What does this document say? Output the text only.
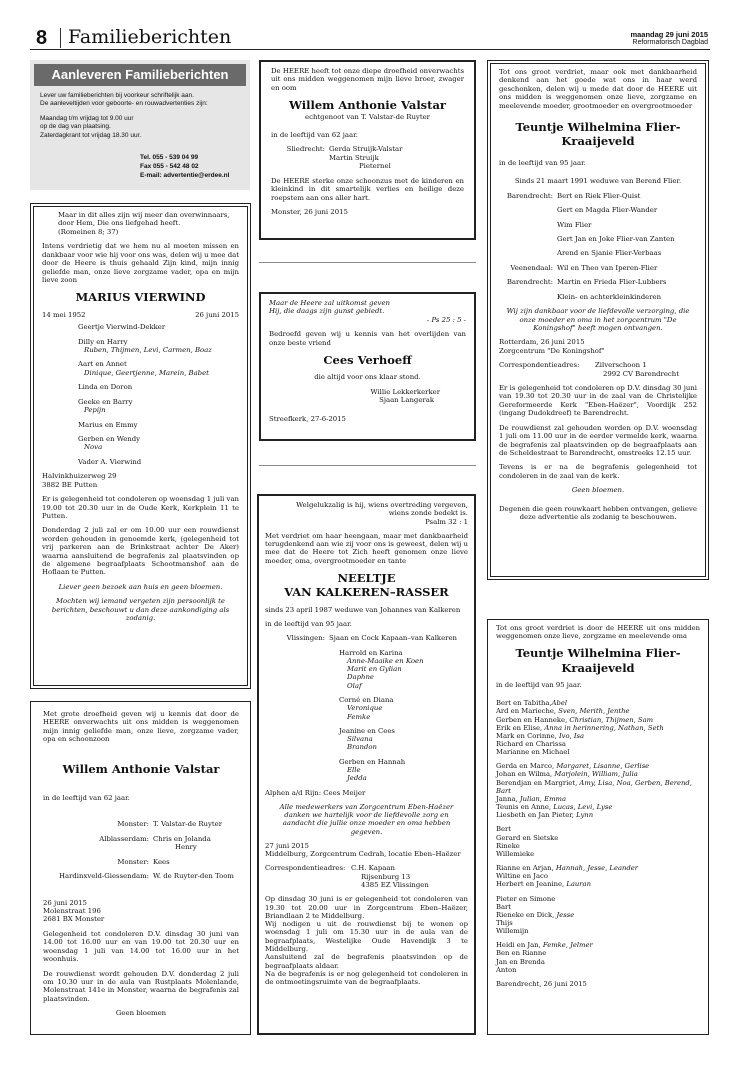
8 Familieberichten	maandag 29 juni 2015
Reformatorisch Dagblad
Aanleveren Familieberichten

Lever uw familieberichten bij voorkeur schriftelijk aan.

De aanleveltijden voor geboorte- en rouwadvertenties zijn:

Maandag t/m vrijdag tot 9.00 uur

op de dag van plaatsing.

Zaterdagkrant tot vrijdag 18.30 uur.

Tel. 055 - 539 04 99

Fax 055 - 542 48 02

E-mail: advertentie@erdee.nl

Maar in dit alles zijn wij meer dan overwinnaars,

door Hem, Die ons liefgehad heeft.

(Romeinen 8; 37)

Intens verdrietig dat we hem nu al moeten missen en dankbaar voor wie hij voor ons was, delen wij u mee dat door de Heere is thuis gehaald Zijn kind, mijn innig geliefde man, onze lieve zorgzame vader, opa en mijn lieve zoon

MARIUS VIERWIND

14 mei 1952	26 juni 2015

Geertje Vierwind-Dekker

Dilly en Harry

Ruben, Thijmen, Levi, Carmen, Boaz

Aart en Annet

Dinique, Geertjenne, Marein, Babet

Linda en Doron

Geeke en Barry

Pepijn

Marius en Emmy

Gerben en Wendy

Nova

Vader A. Vierwind

Halvinkhuizerweg 29

3882 BE Putten

Er is gelegenheid tot condoleren op woensdag 1 juli van 19.00 tot 20.30 uur in de Oude Kerk, Kerkplein 11 te Putten.

Donderdag 2 juli zal er om 10.00 uur een rouwdienst worden gehouden in genoemde kerk, (gelegenheid tot vrij parkeren aan de Brinkstraat achter De Aker) waarna aansluitend de begrafenis zal plaatsvinden op de algemene begraafplaats Schootmanshof aan de Hoflaan te Putten.

Liever geen bezoek aan huis en geen bloemen.

Mochten wij iemand vergeten zijn persoonlijk te berichten, beschouwt u dan deze aankondiging als zodanig.

Met grote droefheid geven wij u kennis dat door de HEERE onverwachts uit ons midden is weggenomen mijn innig geliefde man, onze lieve, zorgzame vader, opa en schoonzoon

Willem Anthonie Valstar

in de leeftijd van 62 jaar.

Monster: T. Valstar-de Ruyter
Alblasserdam: Chris en Jolanda
Henry
Monster: Kees
Hardinxveld-Giessendam: W. de Ruyter-den Toom

26 juni 2015

Molenstraat 196

2681 BX Monster

Gelegenheid tot condoleren D.V. dinsdag 30 juni van 14.00 tot 16.00 uur en van 19.00 tot 20.30 uur en woensdag 1 juli van 14.00 tot 16.00 uur in het woonhuis.

De rouwdienst wordt gehouden D.V. donderdag 2 juli om 10.30 uur in de aula van Rustplaats Molenlande, Molenstraat 141e in Monster, waarna de begrafenis zal plaatsvinden.

Geen bloemen

De HEERE heeft tot onze diepe droefheid onverwachts uit ons midden weggenomen mijn lieve broer, zwager en oom

Willem Anthonie Valstar

echtgenoot van T. Valstar-de Ruyter

in de leeftijd van 62 jaar.

Sliedrecht: Gerda Struijk-Valstar
Martin Struijk
Pieternel

De HEERE sterke onze schoonzus met de kinderen en kleinkind in dit smartelijk verlies en heilige deze roepstem aan ons aller hart.

Monster, 26 juni 2015

Maar de Heere zal uitkomst geven

Hij, die daags zijn gunst gebiedt.

- Ps 25 : 5 -

Bedroefd geven wij u kennis van het overlijden van onze beste vriend

Cees Verhoeff

die altijd voor ons klaar stond.

Willie Lekkerkerker

Sjaan Langerak

Streefkerk, 27-6-2015

Welgelukzalig is hij, wiens overtreding vergeven,

wiens zonde bedekt is.

Psalm 32 : 1

Met verdriet om haar heengaan, maar met dankbaarheid terugdenkend aan wie zij voor ons is geweest, delen wij u mee dat de Heere tot Zich heeft genomen onze lieve moeder, oma, overgrootmoeder en tante

NEELTJE

VAN KALKEREN–RASSER

sinds 23 april 1987 weduwe van Johannes van Kalkeren

in de leeftijd van 95 jaar.

Vlissingen: Sjaan en Cock Kapaan–van Kalkeren

Harrold en Karina

Anne-Maaike en Koen

Marit en Gylian

Daphne

Olaf

Corné en Diana

Veronique

Femke

Jeanine en Cees

Silvana

Brandon

Gerben en Hannah

Elle

Jedda

Alphen a/d Rijn: Cees Meijer

Alle medewerkers van Zorgcentrum Eben-Haëzer danken we hartelijk voor de liefdevolle zorg en aandacht die jullie onze moeder en oma hebben gegeven.

27 juni 2015

Middelburg, Zorgcentrum Cedrah, locatie Eben–Haëzer

Correspondentieadres: C.H. Kapaan
Rijsenburg 13
4385 EZ Vlissingen

Op dinsdag 30 juni is er gelegenheid tot condoleren van 19.30 tot 20.00 uur in Zorgcentrum Eben–Haëzer, Briandlaan 2 te Middelburg.

Wij nodigen u uit de rouwdienst bij te wonen op woensdag 1 juli om 15.30 uur in de aula van de begraafplaats, Westelijke Oude Havendijk 3 te Middelburg.

Aansluitend zal de begrafenis plaatsvinden op de begraafplaats aldaar.

Na de begrafenis is er nog gelegenheid tot condoleren in de ontmoetingsruimte van de begraafplaats.

Tot ons groot verdriet, maar ook met dankbaarheid denkend aan het goede wat ons in haar werd geschonken, delen wij u mede dat door de HEERE uit ons midden is weggenomen onze lieve, zorgzame en meelevende moeder, grootmoeder en overgrootmoeder

Teuntje Wilhelmina Flier-

Kraaijeveld

in de leeftijd van 95 jaar.

Sinds 21 maart 1991 weduwe van Berend Flier.

Barendrecht: Bert en Riek Flier-Quist
Gert en Magda Flier-Wander
Wim Flier
Gert Jan en Joke Flier-van Zanten
Arend en Sjanie Flier-Verbaas
Veenendaal: Wil en Theo van Iperen-Flier
Barendrecht: Martin en Frieda Flier-Lubbers
Klein- en achterkleinkinderen

Wij zijn dankbaar voor de liefdevolle verzorging, die onze moeder en oma in het zorgcentrum "De Koningshof" heeft mogen ontvangen.

Rotterdam, 26 juni 2015

Zorgcentrum "De Koningshof"

Correspondentieadres:	Zilverschoon 1
2992 CV Barendrecht

Er is gelegenheid tot condoleren op D.V. dinsdag 30 juni van 19.30 tot 20.30 uur in de zaal van de Christelijke Gereformeerde Kerk "Eben-Haëzer", Voordijk 252 (ingang Dudokdreef) te Barendrecht.

De rouwdienst zal gehouden worden op D.V. woensdag 1 juli om 11.00 uur in de eerder vermelde kerk, waarna de begrafenis zal plaatsvinden op de begraafplaats aan de Scheldestraat te Barendrecht, omstreeks 12.15 uur.

Tevens is er na de begrafenis gelegenheid tot condoleren in de zaal van de kerk.

Geen bloemen.

Degenen die geen rouwkaart hebben ontvangen, gelieve deze advertentie als zodanig te beschouwen.

Tot ons groot verdriet is door de HEERE uit ons midden weggenomen onze lieve, zorgzame en meelevende oma

Teuntje Wilhelmina Flier-

Kraaijeveld

in de leeftijd van 95 jaar.

Bert en Tabitha,Abel

Ard en Marieche, Sven, Merith, Jenthe

Gerben en Hanneke, Christian, Thijmen, Sam

Erik en Elise, Anna in herinnering, Nathan, Seth

Mark en Corinne, Ivo, Isa

Richard en Charissa

Marianne en Michael

Gerda en Marco, Margaret, Lisanne, Gerlise

Johan en Wilma, Marjolein, William, Julia

Berendjan en Margriet, Amy, Lisa, Noa, Gerben, Berend, Bart

Janna, Julian, Emma

Teunis en Anne, Lucas, Levi, Lyse

Liesbeth en Jan Pieter, Lynn

Bert

Gerard en Sietske

Rineke

Willemieke

Rianne en Arjan, Hannah, Jesse, Leander

Wiltine en Jaco

Herbert en Jeanine, Lauran

Pieter en Simone

Bart

Rieneke en Dick, Jesse

Thijs

Willemijn

Heidi en Jan, Femke, Jelmer

Ben en Rianne

Jan en Brenda

Anton

Barendrecht, 26 juni 2015
